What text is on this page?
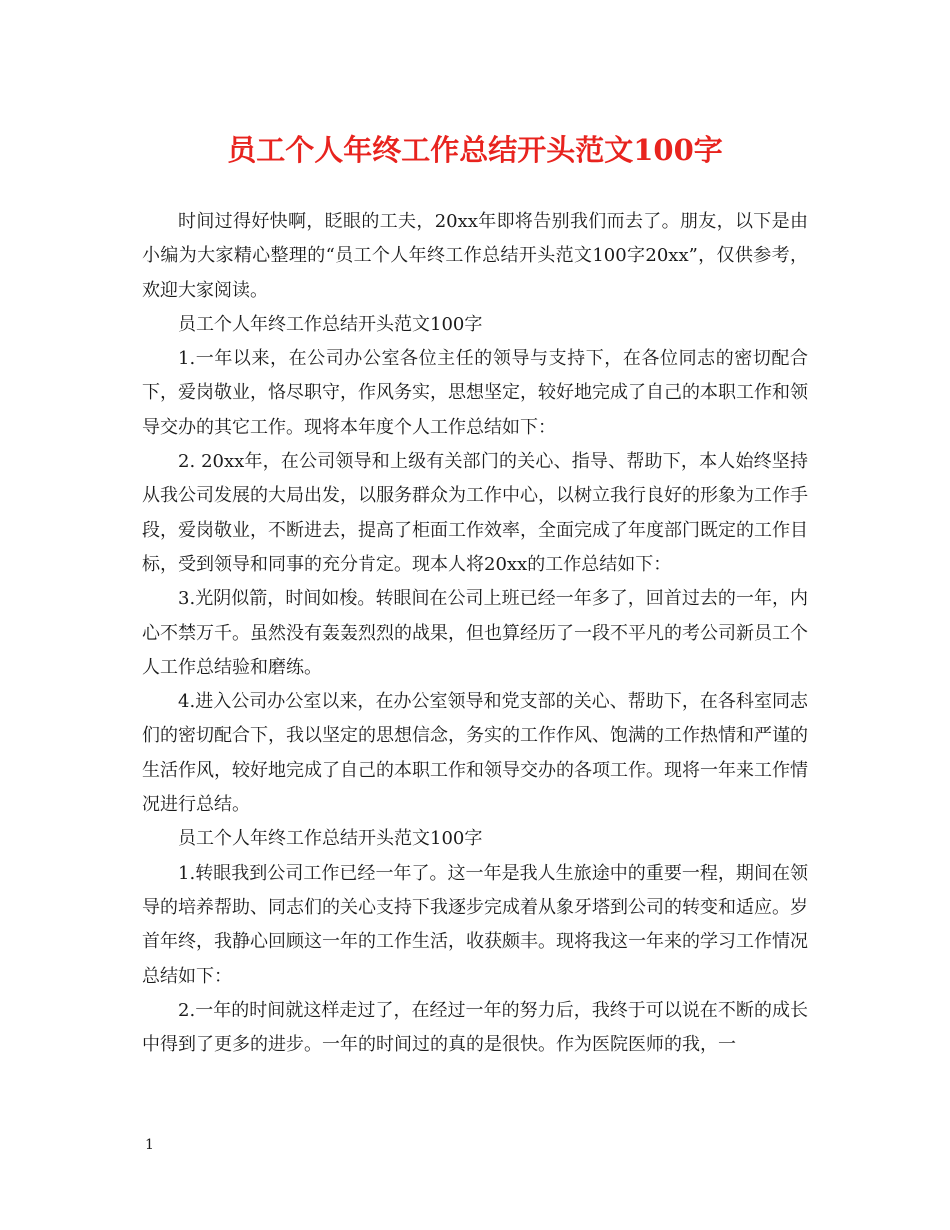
员工个人年终工作总结开头范文100字

时间过得好快啊，眨眼的工夫，20xx年即将告别我们而去了。朋友，以下是由小编为大家精心整理的“员工个人年终工作总结开头范文100字20xx”，仅供参考，欢迎大家阅读。

员工个人年终工作总结开头范文100字

1.一年以来，在公司办公室各位主任的领导与支持下，在各位同志的密切配合下，爱岗敬业，恪尽职守，作风务实，思想坚定，较好地完成了自己的本职工作和领导交办的其它工作。现将本年度个人工作总结如下：

2. 20xx年，在公司领导和上级有关部门的关心、指导、帮助下，本人始终坚持从我公司发展的大局出发，以服务群众为工作中心，以树立我行良好的形象为工作手段，爱岗敬业，不断进去，提高了柜面工作效率，全面完成了年度部门既定的工作目标，受到领导和同事的充分肯定。现本人将20xx的工作总结如下：

3.光阴似箭，时间如梭。转眼间在公司上班已经一年多了，回首过去的一年，内心不禁万千。虽然没有轰轰烈烈的战果，但也算经历了一段不平凡的考公司新员工个人工作总结验和磨练。

4.进入公司办公室以来，在办公室领导和党支部的关心、帮助下，在各科室同志们的密切配合下，我以坚定的思想信念，务实的工作作风、饱满的工作热情和严谨的生活作风，较好地完成了自己的本职工作和领导交办的各项工作。现将一年来工作情况进行总结。

员工个人年终工作总结开头范文100字

1.转眼我到公司工作已经一年了。这一年是我人生旅途中的重要一程，期间在领导的培养帮助、同志们的关心支持下我逐步完成着从象牙塔到公司的转变和适应。岁首年终，我静心回顾这一年的工作生活，收获颇丰。现将我这一年来的学习工作情况总结如下：

2.一年的时间就这样走过了，在经过一年的努力后，我终于可以说在不断的成长中得到了更多的进步。一年的时间过的真的是很快。作为医院医师的我，一

1
